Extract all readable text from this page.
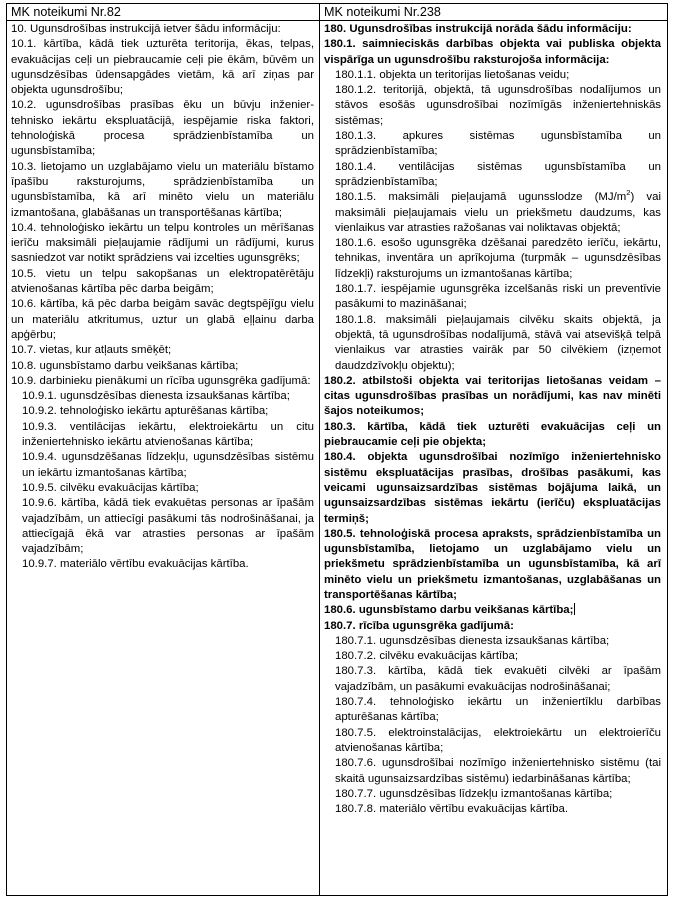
MK noteikumi Nr.82	MK noteikumi Nr.238

10. Ugunsdrošības instrukcijā ietver šādu informāciju:

10.1. kārtība, kādā tiek uzturēta teritorija, ēkas, telpas, evakuācijas ceļi un piebraucamie ceļi pie ēkām, būvēm un ugunsdzēsības ūdensapgādes vietām, kā arī ziņas par objekta ugunsdrošību;

10.2. ugunsdrošības prasības ēku un būvju inženier-tehnisko iekārtu ekspluatācijā, iespējamie riska faktori, tehnoloģiskā procesa sprādzienbīstamība un ugunsbīstamība;

10.3. lietojamo un uzglabājamo vielu un materiālu bīstamo īpašību raksturojums, sprādzienbīstamība un ugunsbīstamība, kā arī minēto vielu un materiālu izmantošana, glabāšanas un transportēšanas kārtība;

10.4. tehnoloģisko iekārtu un telpu kontroles un mērīšanas ierīču maksimāli pieļaujamie rādījumi un rādījumi, kurus sasniedzot var notikt sprādziens vai izcelties ugunsgrēks;

10.5. vietu un telpu sakopšanas un elektropatērētāju atvienošanas kārtība pēc darba beigām;

10.6. kārtība, kā pēc darba beigām savāc degtspējīgu vielu un materiālu atkritumus, uztur un glabā eļļainu darba apģērbu;

10.7. vietas, kur atļauts smēķēt;

10.8. ugunsbīstamo darbu veikšanas kārtība;

10.9. darbinieku pienākumi un rīcība ugunsgrēka gadījumā:

10.9.1. ugunsdzēsības dienesta izsaukšanas kārtība;

10.9.2. tehnoloģisko iekārtu apturēšanas kārtība;

10.9.3. ventilācijas iekārtu, elektroiekārtu un citu inženiertehnisko iekārtu atvienošanas kārtība;

10.9.4. ugunsdzēšanas līdzekļu, ugunsdzēsības sistēmu un iekārtu izmantošanas kārtība;

10.9.5. cilvēku evakuācijas kārtība;

10.9.6. kārtība, kādā tiek evakuētas personas ar īpašām vajadzībām, un attiecīgi pasākumi tās nodrošināšanai, ja attiecīgajā ēkā var atrasties personas ar īpašām vajadzībām;

10.9.7. materiālo vērtību evakuācijas kārtība.

180. Ugunsdrošības instrukcijā norāda šādu informāciju:

180.1. saimnieciskās darbības objekta vai publiska objekta vispārīga un ugunsdrošību raksturojoša informācija:

180.1.1. objekta un teritorijas lietošanas veidu;

180.1.2. teritorijā, objektā, tā ugunsdrošības nodalījumos un stāvos esošās ugunsdrošībai nozīmīgās inženiertehniskās sistēmas;

180.1.3. apkures sistēmas ugunsbīstamība un sprādzienbīstamība;

180.1.4. ventilācijas sistēmas ugunsbīstamība un sprādzienbīstamība;

180.1.5. maksimāli pieļaujamā ugunsslodze $(MJ/m^2)$ vai maksimāli pieļaujamais vielu un priekšmetu daudzums, kas vienlaikus var atrasties ražošanas vai noliktavas objektā;

180.1.6. esošo ugunsgrēka dzēšanai paredzēto ierīču, iekārtu, tehnikas, inventāra un aprīkojuma (turpmāk – ugunsdzēsības līdzekļi) raksturojums un izmantošanas kārtība;

180.1.7. iespējamie ugunsgrēka izcelšanās riski un preventīvie pasākumi to mazināšanai;

180.1.8. maksimāli pieļaujamais cilvēku skaits objektā, ja objektā, tā ugunsdrošības nodalījumā, stāvā vai atsevišķā telpā vienlaikus var atrasties vairāk par 50 cilvēkiem (izņemot daudzdzīvokļu objektu);

180.2. atbilstoši objekta vai teritorijas lietošanas veidam – citas ugunsdrošības prasības un norādījumi, kas nav minēti šajos noteikumos;

180.3. kārtība, kādā tiek uzturēti evakuācijas ceļi un piebraucamie ceļi pie objekta;

180.4. objekta ugunsdrošībai nozīmīgo inženiertehnisko sistēmu ekspluatācijas prasības, drošības pasākumi, kas veicami ugunsaizsardzības sistēmas bojājuma laikā, un ugunsaizsardzības sistēmas iekārtu (ierīču) ekspluatācijas termiņš;

180.5. tehnoloģiskā procesa apraksts, sprādzienbīstamība un ugunsbīstamība, lietojamo un uzglabājamo vielu un priekšmetu sprādzienbīstamība un ugunsbīstamība, kā arī minēto vielu un priekšmetu izmantošanas, uzglabāšanas un transportēšanas kārtība;

180.6. ugunsbīstamo darbu veikšanas kārtība;

180.7. rīcība ugunsgrēka gadījumā:

180.7.1. ugunsdzēsības dienesta izsaukšanas kārtība;

180.7.2. cilvēku evakuācijas kārtība;

180.7.3. kārtība, kādā tiek evakuēti cilvēki ar īpašām vajadzībām, un pasākumi evakuācijas nodrošināšanai;

180.7.4. tehnoloģisko iekārtu un inženiertīklu darbības apturēšanas kārtība;

180.7.5. elektroinstalācijas, elektroiekārtu un elektroierīču atvienošanas kārtība;

180.7.6. ugunsdrošībai nozīmīgo inženiertehnisko sistēmu (tai skaitā ugunsaizsardzības sistēmu) iedarbināšanas kārtība;

180.7.7. ugunsdzēsības līdzekļu izmantošanas kārtība;

180.7.8. materiālo vērtību evakuācijas kārtība.
